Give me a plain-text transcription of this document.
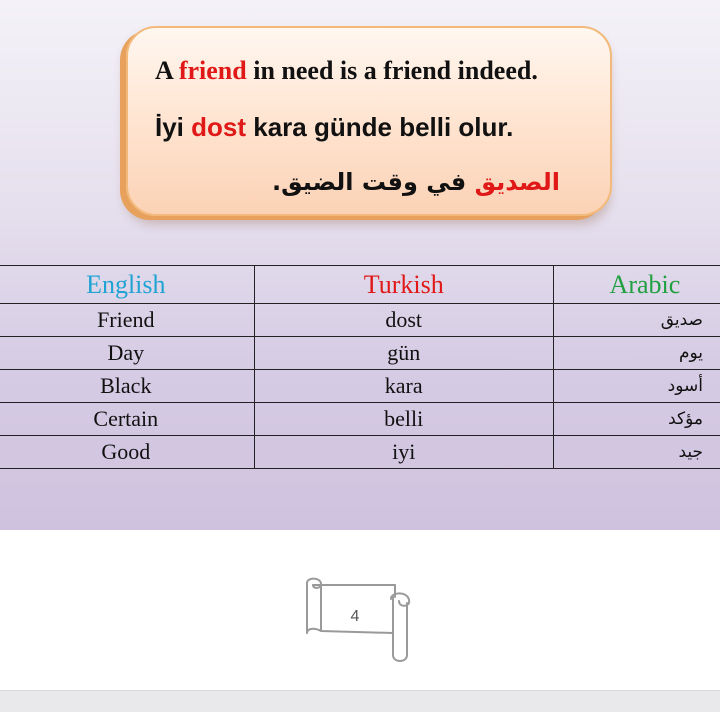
A friend in need is a friend indeed.
İyi dost kara günde belli olur.
الصديق في وقت الضيق.
English	Turkish	Arabic
Friend	dost	صديق
Day	gün	يوم
Black	kara	أسود
Certain	belli	مؤكد
Good	iyi	جيد
4
